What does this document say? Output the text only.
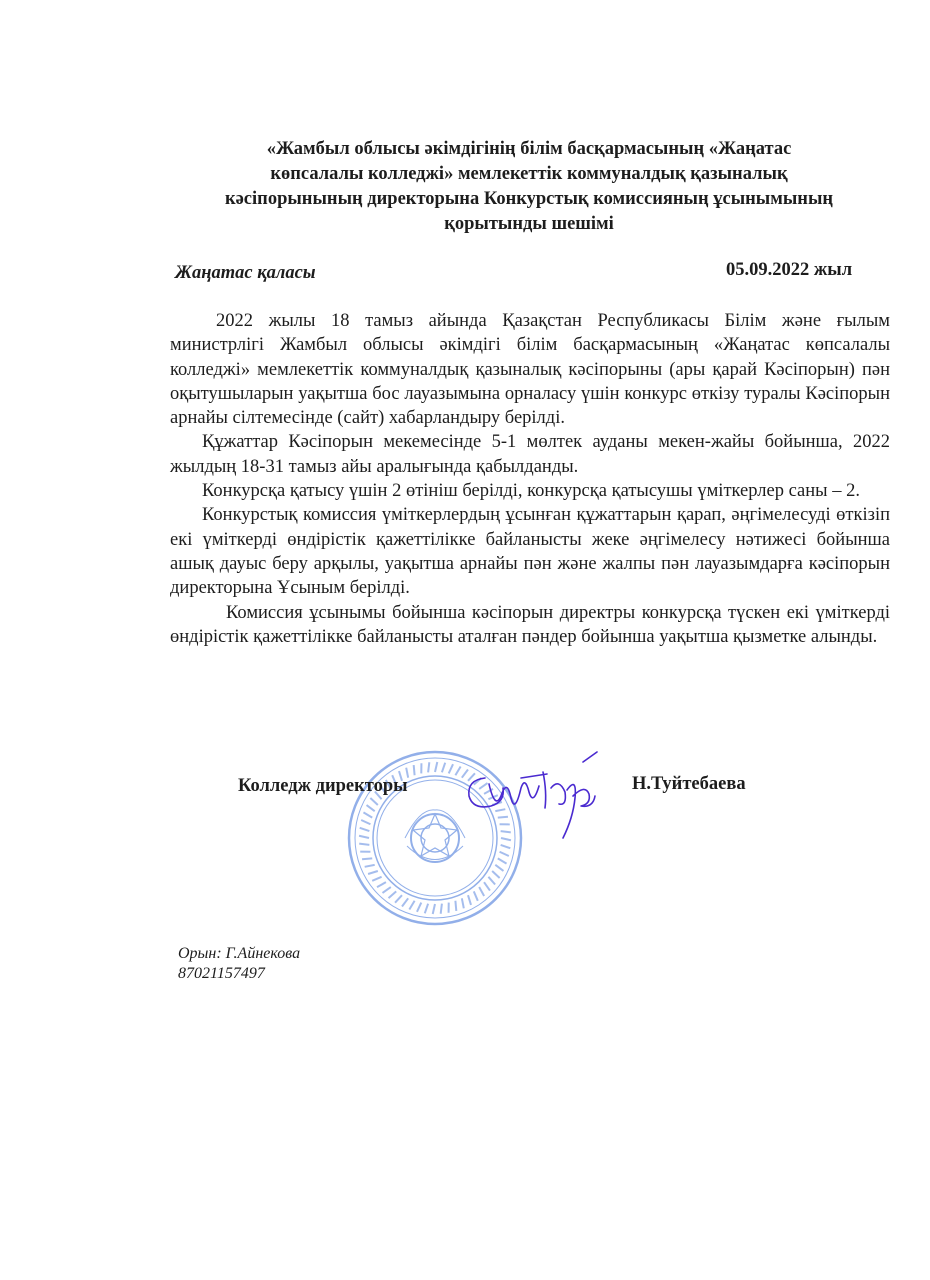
«Жамбыл облысы әкімдігінің білім басқармасының «Жаңатас
көпсалалы колледжі» мемлекеттік коммуналдық қазыналық
кәсіпорынының директорына Конкурстық комиссияның ұсынымының
қорытынды шешімі
Жаңатас қаласы	05.09.2022 жыл

2022 жылы 18 тамыз айында Қазақстан Республикасы Білім және ғылым министрлігі Жамбыл облысы әкімдігі білім басқармасының «Жаңатас көпсалалы колледжі» мемлекеттік коммуналдық қазыналық кәсіпорыны (ары қарай Кәсіпорын) пән оқытушыларын уақытша бос лауазымына орналасу үшін конкурс өткізу туралы Кәсіпорын арнайы сілтемесінде (сайт) хабарландыру берілді.

Құжаттар Кәсіпорын мекемесінде 5-1 мөлтек ауданы мекен-жайы бойынша, 2022 жылдың 18-31 тамыз айы аралығында қабылданды.

Конкурсқа қатысу үшін 2 өтініш берілді, конкурсқа қатысушы үміткерлер саны – 2.

Конкурстық комиссия үміткерлердың ұсынған құжаттарын қарап, әңгімелесуді өткізіп екі үміткерді өндірістік қажеттілікке байланысты жеке әңгімелесу нәтижесі бойынша ашық дауыс беру арқылы, уақытша арнайы пән және жалпы пән лауазымдарға кәсіпорын директорына Ұсыным берілді.

Комиссия ұсынымы бойынша кәсіпорын директры конкурсқа түскен екі үміткерді өндірістік қажеттілікке байланысты аталған пәндер бойынша уақытша қызметке алынды.

Колледж директоры	Н.Туйтебаева
Орын: Г.Айнекова
87021157497
